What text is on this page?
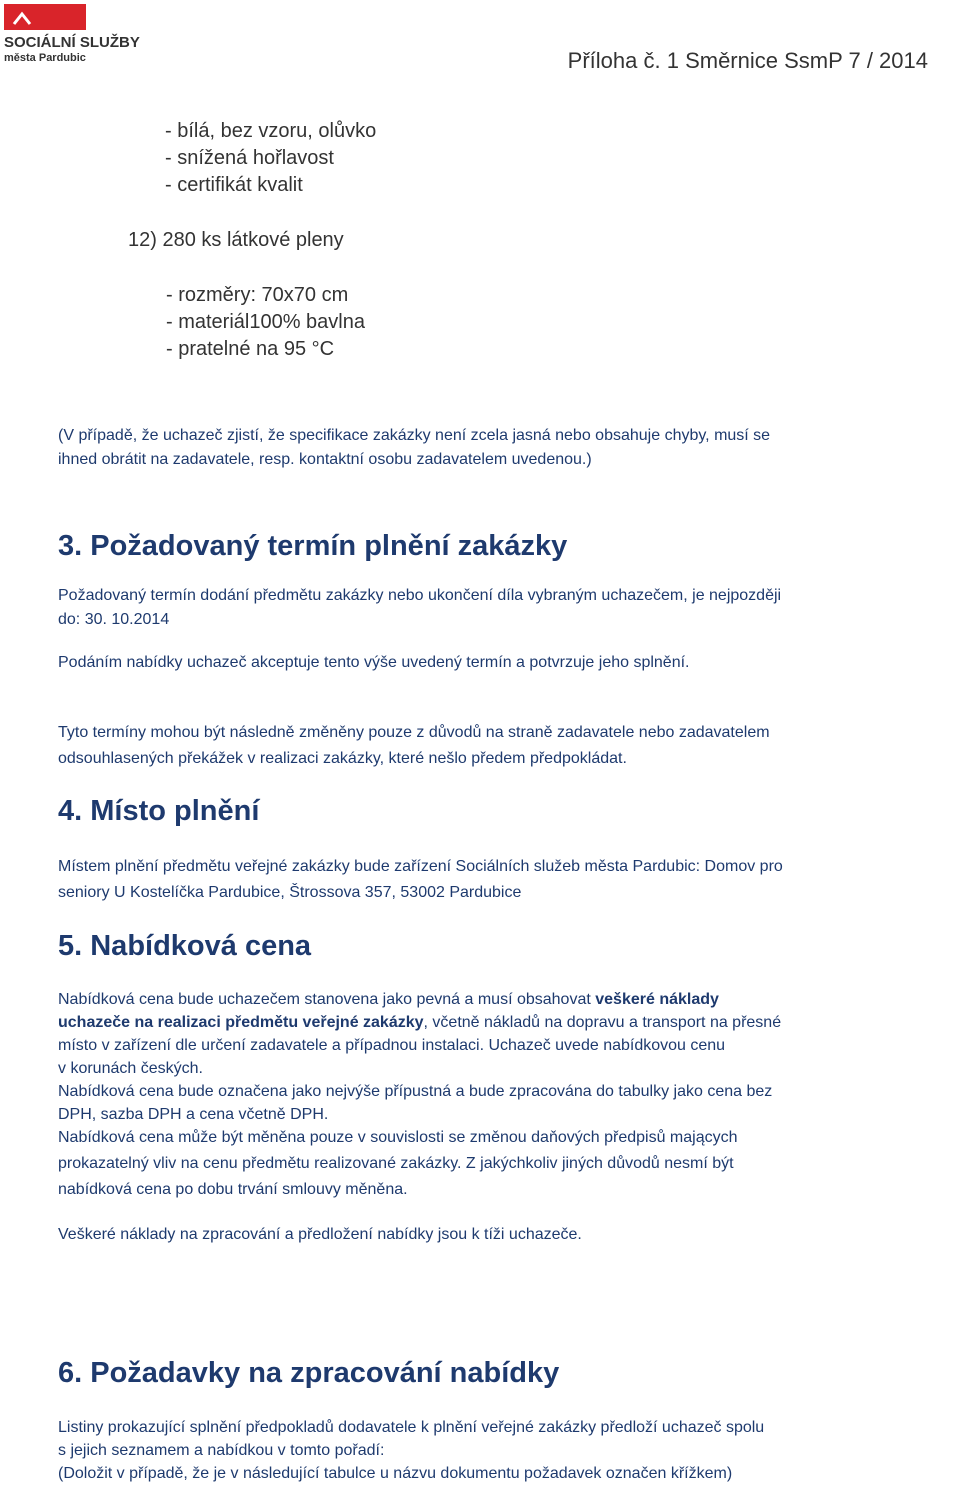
SOCIÁLNÍ SLUŽBY
města Pardubic	Příloha č. 1 Směrnice SsmP 7 / 2014
- bílá, bez vzoru, olůvko
- snížená hořlavost
- certifikát kvalit
12) 280 ks látkové pleny
- rozměry: 70x70 cm
- materiál100% bavlna
- pratelné na 95 °C
(V případě, že uchazeč zjistí, že specifikace zakázky není zcela jasná nebo obsahuje chyby, musí se
ihned obrátit na zadavatele, resp. kontaktní osobu zadavatelem uvedenou.)
3. Požadovaný termín plnění zakázky
Požadovaný termín dodání předmětu zakázky nebo ukončení díla vybraným uchazečem, je nejpozději
do: 30. 10.2014
Podáním nabídky uchazeč akceptuje tento výše uvedený termín a potvrzuje jeho splnění.
Tyto termíny mohou být následně změněny pouze z důvodů na straně zadavatele nebo zadavatelem
odsouhlasených překážek v realizaci zakázky, které nešlo předem předpokládat.
4. Místo plnění
Místem plnění předmětu veřejné zakázky bude zařízení Sociálních služeb města Pardubic: Domov pro
seniory U Kostelíčka Pardubice, Štrossova 357, 53002 Pardubice
5. Nabídková cena
Nabídková cena bude uchazečem stanovena jako pevná a musí obsahovat veškeré náklady
uchazeče na realizaci předmětu veřejné zakázky, včetně nákladů na dopravu a transport na přesné
místo v zařízení dle určení zadavatele a případnou instalaci. Uchazeč uvede nabídkovou cenu
v korunách českých.
Nabídková cena bude označena jako nejvýše přípustná a bude zpracována do tabulky jako cena bez
DPH, sazba DPH a cena včetně DPH.
Nabídková cena může být měněna pouze v souvislosti se změnou daňových předpisů mających
prokazatelný vliv na cenu předmětu realizované zakázky. Z jakýchkoliv jiných důvodů nesmí být
nabídková cena po dobu trvání smlouvy měněna.
Veškeré náklady na zpracování a předložení nabídky jsou k tíži uchazeče.
6. Požadavky na zpracování nabídky
Listiny prokazující splnění předpokladů dodavatele k plnění veřejné zakázky předloží uchazeč spolu
s jejich seznamem a nabídkou v tomto pořadí:
(Doložit v případě, že je v následující tabulce u názvu dokumentu požadavek označen křížkem)
